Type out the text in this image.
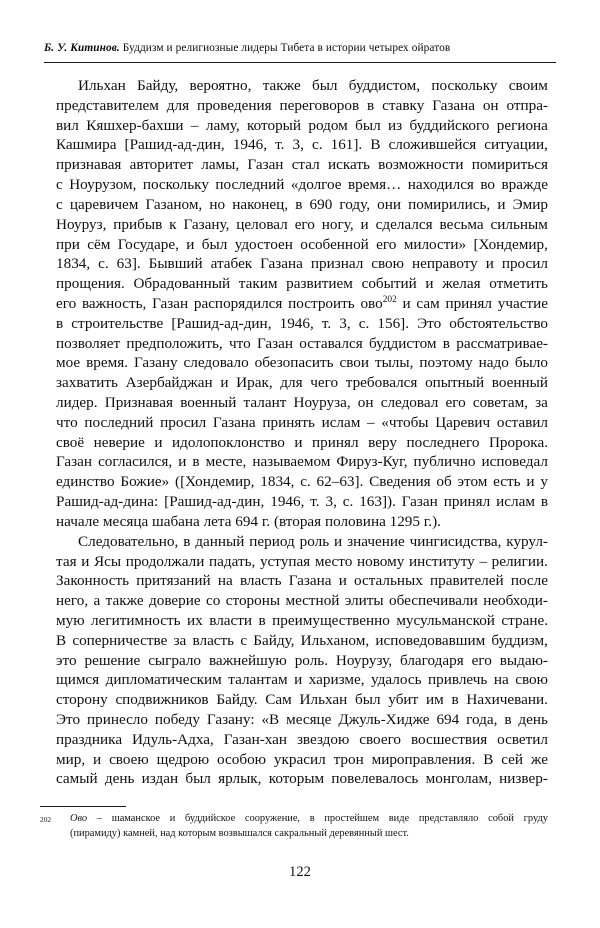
Б. У. Китинов. Буддизм и религиозные лидеры Тибета в истории четырех ойратов
Ильхан Байду, вероятно, также был буддистом, поскольку своим
представителем для проведения переговоров в ставку Газана он отпра-
вил Кяшхер-бахши – ламу, который родом был из буддийского региона
Кашмира [Рашид-ад-дин, 1946, т. 3, с. 161]. В сложившейся ситуации,
признавая авторитет ламы, Газан стал искать возможности помириться
с Ноурузом, поскольку последний «долгое время… находился во вражде
с царевичем Газаном, но наконец, в 690 году, они помирились, и Эмир
Ноуруз, прибыв к Газану, целовал его ногу, и сделался весьма сильным
при сём Государе, и был удостоен особенной его милости» [Хондемир,
1834, с. 63]. Бывший атабек Газана признал свою неправоту и просил
прощения. Обрадованный таким развитием событий и желая отметить
его важность, Газан распорядился построить ово$^{202}$ и сам принял участие
в строительстве [Рашид-ад-дин, 1946, т. 3, с. 156]. Это обстоятельство
позволяет предположить, что Газан оставался буддистом в рассматривае-
мое время. Газану следовало обезопасить свои тылы, поэтому надо было
захватить Азербайджан и Ирак, для чего требовался опытный военный
лидер. Признавая военный талант Ноуруза, он следовал его советам, за
что последний просил Газана принять ислам – «чтобы Царевич оставил
своё неверие и идолопоклонство и принял веру последнего Пророка.
Газан согласился, и в месте, называемом Фируз-Куг, публично исповедал
единство Божие» ([Хондемир, 1834, с. 62–63]. Сведения об этом есть и у
Рашид-ад-дина: [Рашид-ад-дин, 1946, т. 3, с. 163]). Газан принял ислам в
начале месяца шабана лета 694 г. (вторая половина 1295 г.).
Следовательно, в данный период роль и значение чингисидства, курул-
тая и Ясы продолжали падать, уступая место новому институту – религии.
Законность притязаний на власть Газана и остальных правителей после
него, а также доверие со стороны местной элиты обеспечивали необходи-
мую легитимность их власти в преимущественно мусульманской стране.
В соперничестве за власть с Байду, Ильханом, исповедовавшим буддизм,
это решение сыграло важнейшую роль. Ноурузу, благодаря его выдаю-
щимся дипломатическим талантам и харизме, удалось привлечь на свою
сторону сподвижников Байду. Сам Ильхан был убит им в Нахичевани.
Это принесло победу Газану: «В месяце Джуль-Хидже 694 года, в день
праздника Идуль-Адха, Газан-хан звездою своего восшествия осветил
мир, и своею щедрою особою украсил трон мироправления. В сей же
самый день издан был ярлык, которым повелевалось монголам, низвер-
202 Ово – шаманское и буддийское сооружение, в простейшем виде представляло собой груду
(пирамиду) камней, над которым возвышался сакральный деревянный шест.
122
